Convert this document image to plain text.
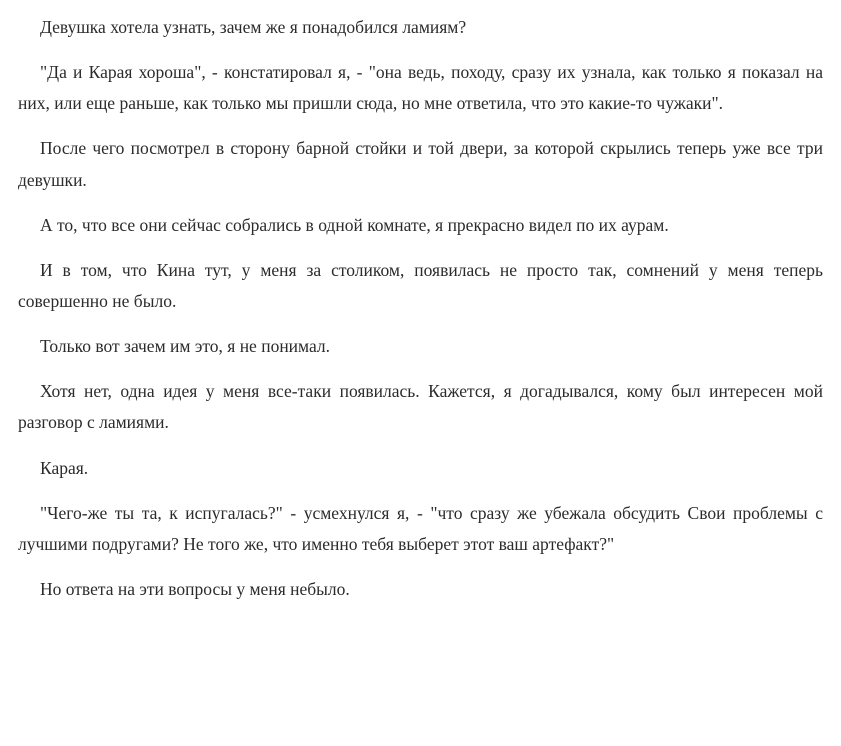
Девушка хотела узнать, зачем же я понадобился ламиям?

"Да и Карая хороша", - констатировал я, - "она ведь, походу, сразу их узнала, как только я показал на них, или еще раньше, как только мы пришли сюда, но мне ответила, что это какие-то чужаки".

После чего посмотрел в сторону барной стойки и той двери, за которой скрылись теперь уже все три девушки.

А то, что все они сейчас собрались в одной комнате, я прекрасно видел по их аурам.

И в том, что Кина тут, у меня за столиком, появилась не просто так, сомнений у меня теперь совершенно не было.

Только вот зачем им это, я не понимал.

Хотя нет, одна идея у меня все-таки появилась. Кажется, я догадывался, кому был интересен мой разговор с ламиями.

Карая.

"Чего-же ты та, к испугалась?" - усмехнулся я, - "что сразу же убежала обсудить Свои проблемы с лучшими подругами? Не того же, что именно тебя выберет этот ваш артефакт?"

Но ответа на эти вопросы у меня небыло.
